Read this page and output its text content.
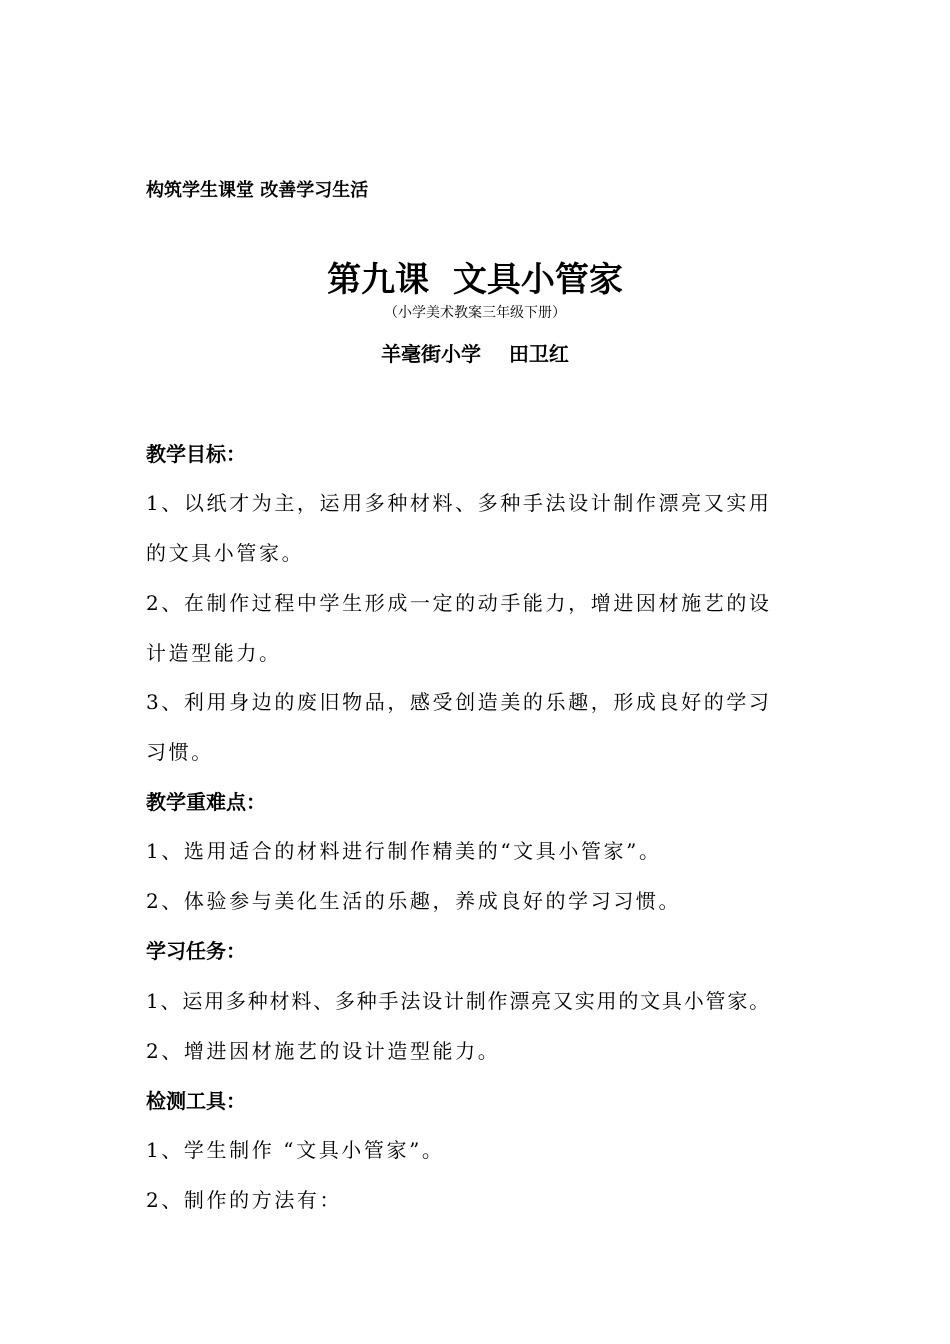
构筑学生课堂 改善学习生活
第九课  文具小管家
（小学美术教案三年级下册）
羊毫街小学    田卫红
教学目标：
1、以纸才为主，运用多种材料、多种手法设计制作漂亮又实用
的文具小管家。
2、在制作过程中学生形成一定的动手能力，增进因材施艺的设
计造型能力。
3、利用身边的废旧物品，感受创造美的乐趣，形成良好的学习
习惯。
教学重难点：
1、选用适合的材料进行制作精美的“文具小管家”。
2、体验参与美化生活的乐趣，养成良好的学习习惯。
学习任务：
1、运用多种材料、多种手法设计制作漂亮又实用的文具小管家。
2、增进因材施艺的设计造型能力。
检测工具：
1、学生制作 “文具小管家”。
2、制作的方法有：
